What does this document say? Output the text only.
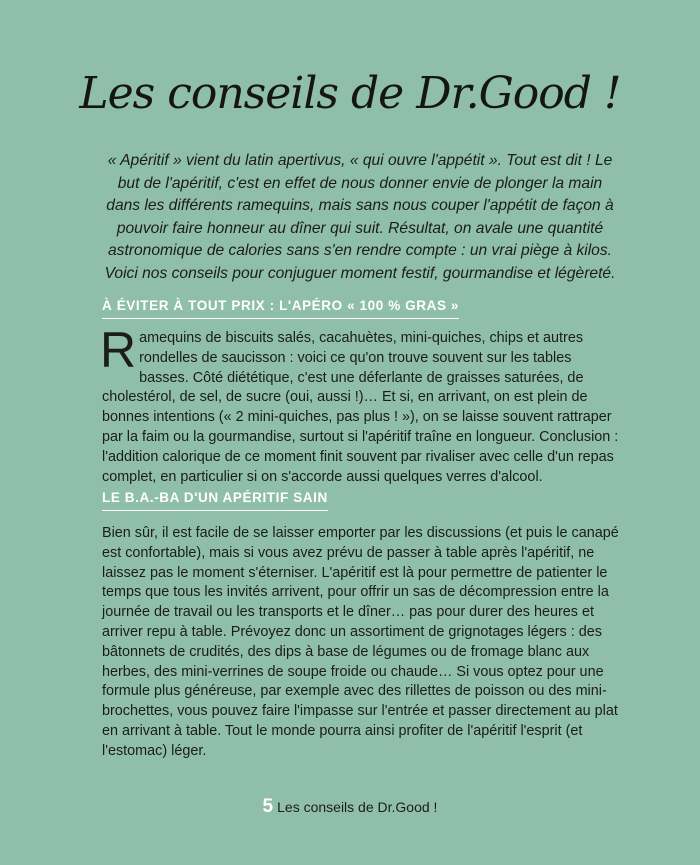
Les conseils de Dr.Good !

« Apéritif » vient du latin apertivus, « qui ouvre l'appétit ». Tout est dit ! Le but de l'apéritif, c'est en effet de nous donner envie de plonger la main dans les différents ramequins, mais sans nous couper l'appétit de façon à pouvoir faire honneur au dîner qui suit. Résultat, on avale une quantité astronomique de calories sans s'en rendre compte : un vrai piège à kilos. Voici nos conseils pour conjuguer moment festif, gourmandise et légèreté.

À ÉVITER À TOUT PRIX : L'APÉRO « 100 % GRAS »
Ramequins de biscuits salés, cacahuètes, mini-quiches, chips et autres rondelles de saucisson : voici ce qu'on trouve souvent sur les tables basses. Côté diététique, c'est une déferlante de graisses saturées, de cholestérol, de sel, de sucre (oui, aussi !)… Et si, en arrivant, on est plein de bonnes intentions (« 2 mini-quiches, pas plus ! »), on se laisse souvent rattraper par la faim ou la gourmandise, surtout si l'apéritif traîne en longueur. Conclusion : l'addition calorique de ce moment finit souvent par rivaliser avec celle d'un repas complet, en particulier si on s'accorde aussi quelques verres d'alcool.
LE B.A.-BA D'UN APÉRITIF SAIN
Bien sûr, il est facile de se laisser emporter par les discussions (et puis le canapé est confortable), mais si vous avez prévu de passer à table après l'apéritif, ne laissez pas le moment s'éterniser. L'apéritif est là pour permettre de patienter le temps que tous les invités arrivent, pour offrir un sas de décompression entre la journée de travail ou les transports et le dîner… pas pour durer des heures et arriver repu à table. Prévoyez donc un assortiment de grignotages légers : des bâtonnets de crudités, des dips à base de légumes ou de fromage blanc aux herbes, des mini-verrines de soupe froide ou chaude… Si vous optez pour une formule plus généreuse, par exemple avec des rillettes de poisson ou des mini-brochettes, vous pouvez faire l'impasse sur l'entrée et passer directement au plat en arrivant à table. Tout le monde pourra ainsi profiter de l'apéritif l'esprit (et l'estomac) léger.
5 Les conseils de Dr.Good !
